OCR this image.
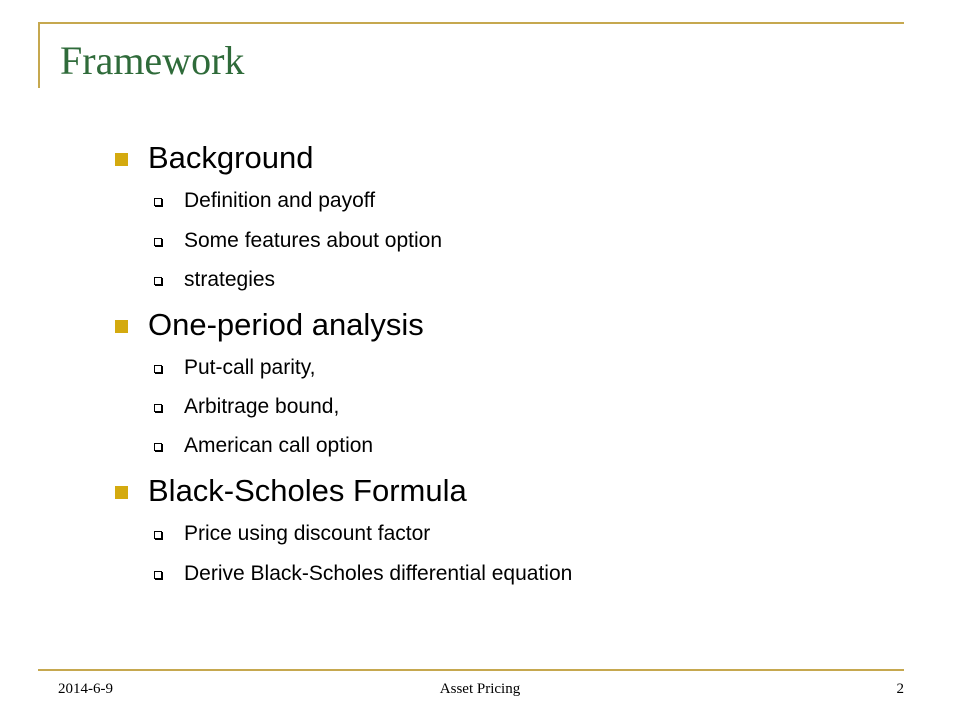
Framework
Background
Definition and payoff
Some features about option
strategies
One-period analysis
Put-call parity,
Arbitrage bound,
American call option
Black-Scholes Formula
Price using discount factor
Derive Black-Scholes differential equation
2014-6-9	Asset Pricing	2
